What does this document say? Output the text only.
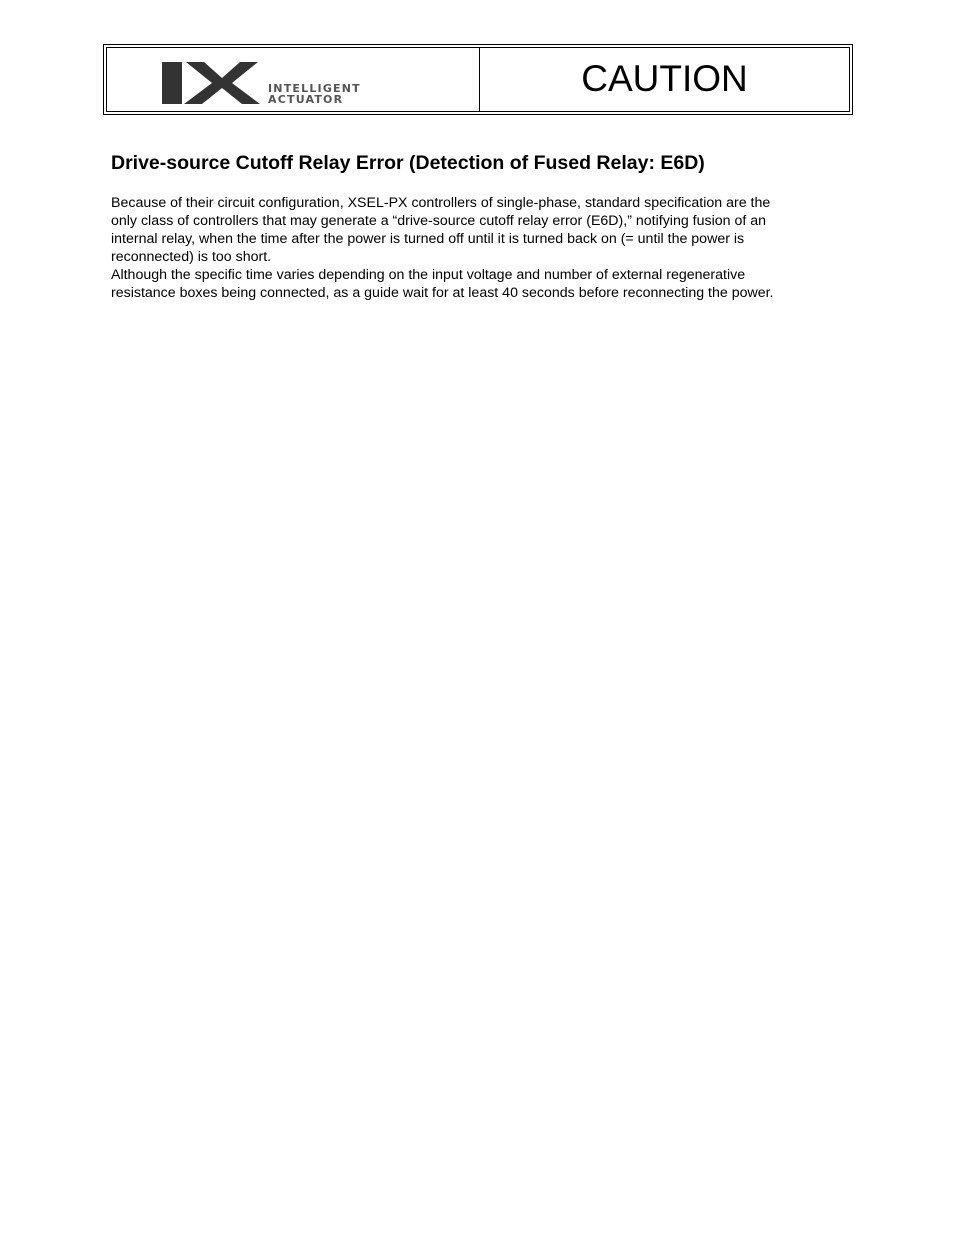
INTELLIGENT
ACTUATOR
CAUTION
Drive-source Cutoff Relay Error (Detection of Fused Relay: E6D)

Because of their circuit configuration, XSEL-PX controllers of single-phase, standard specification are the

only class of controllers that may generate a “drive-source cutoff relay error (E6D),” notifying fusion of an

internal relay, when the time after the power is turned off until it is turned back on (= until the power is

reconnected) is too short.

Although the specific time varies depending on the input voltage and number of external regenerative

resistance boxes being connected, as a guide wait for at least 40 seconds before reconnecting the power.
